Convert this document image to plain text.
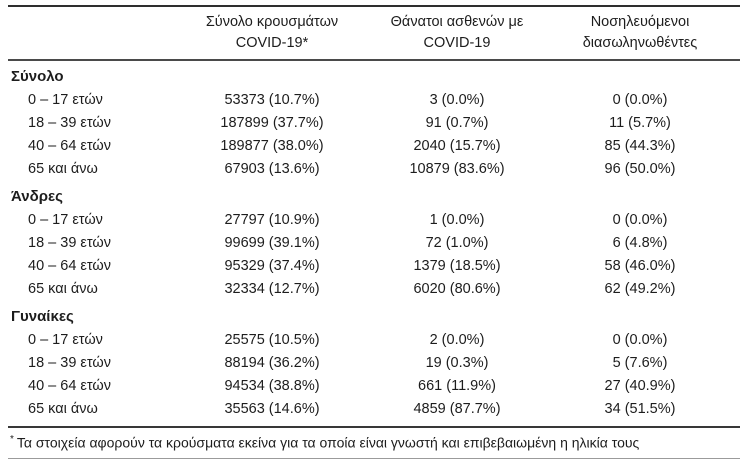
Σύνολο κρουσμάτων
COVID-19*
Θάνατοι ασθενών με
COVID-19
Νοσηλευόμενοι
διασωληνωθέντες
Σύνολο
0 – 17 ετών	53373 (10.7%)	3 (0.0%)	0 (0.0%)
18 – 39 ετών	187899 (37.7%)	91 (0.7%)	11 (5.7%)
40 – 64 ετών	189877 (38.0%)	2040 (15.7%)	85 (44.3%)
65 και άνω	67903 (13.6%)	10879 (83.6%)	96 (50.0%)
Άνδρες
0 – 17 ετών	27797 (10.9%)	1 (0.0%)	0 (0.0%)
18 – 39 ετών	99699 (39.1%)	72 (1.0%)	6 (4.8%)
40 – 64 ετών	95329 (37.4%)	1379 (18.5%)	58 (46.0%)
65 και άνω	32334 (12.7%)	6020 (80.6%)	62 (49.2%)
Γυναίκες
0 – 17 ετών	25575 (10.5%)	2 (0.0%)	0 (0.0%)
18 – 39 ετών	88194 (36.2%)	19 (0.3%)	5 (7.6%)
40 – 64 ετών	94534 (38.8%)	661 (11.9%)	27 (40.9%)
65 και άνω	35563 (14.6%)	4859 (87.7%)	34 (51.5%)
* Τα στοιχεία αφορούν τα κρούσματα εκείνα για τα οποία είναι γνωστή και επιβεβαιωμένη η ηλικία τους
